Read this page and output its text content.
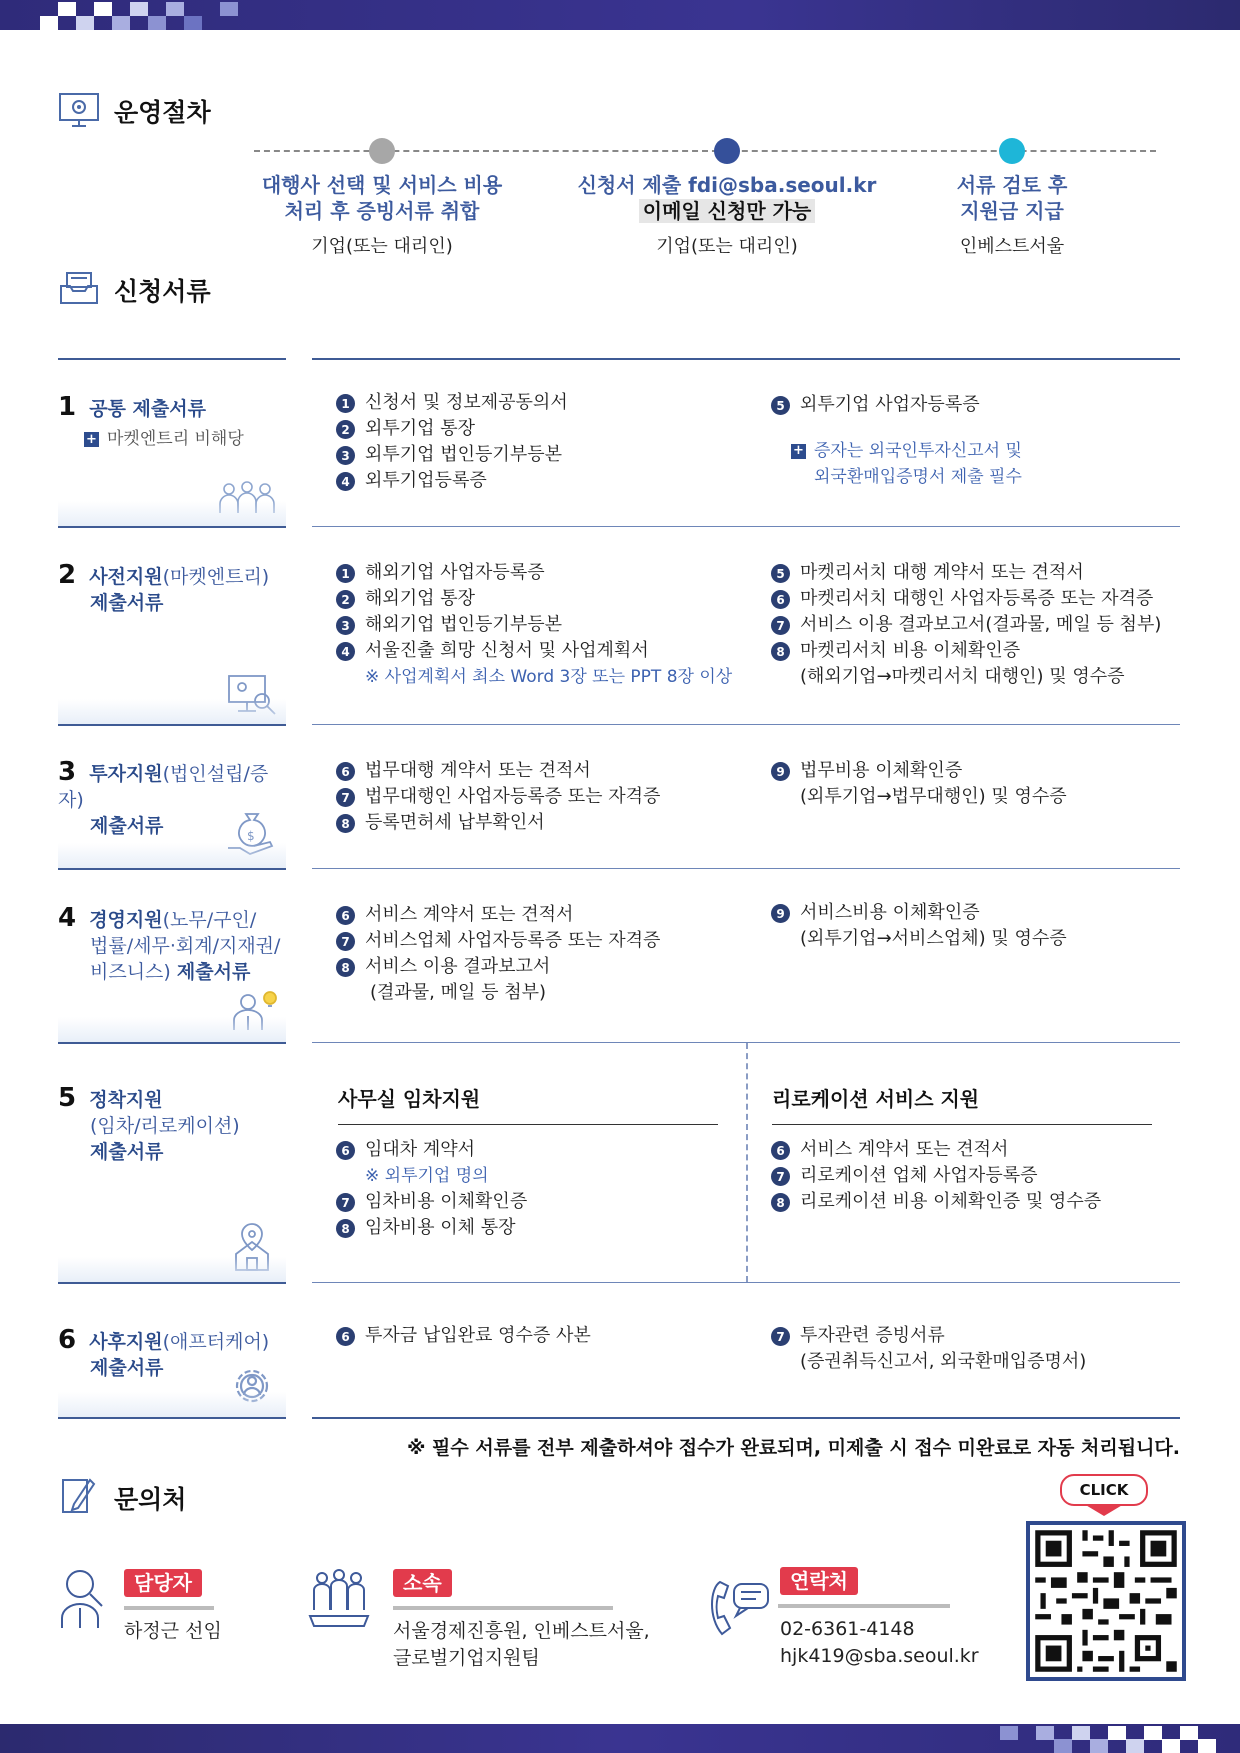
운영절차
대행사 선택 및 서비스 비용
처리 후 증빙서류 취합
기업(또는 대리인)
신청서 제출 fdi@sba.seoul.kr
이메일 신청만 가능
기업(또는 대리인)
서류 검토 후
지원금 지급
인베스트서울
신청서류
1 공통 제출서류
+ 마켓엔트리 비해당
1 신청서 및 정보제공동의서
2 외투기업 통장
3 외투기업 법인등기부등본
4 외투기업등록증
5 외투기업 사업자등록증
+ 증자는 외국인투자신고서 및
외국환매입증명서 제출 필수
2 사전지원(마켓엔트리)
제출서류
1 해외기업 사업자등록증
2 해외기업 통장
3 해외기업 법인등기부등본
4 서울진출 희망 신청서 및 사업계획서
※ 사업계획서 최소 Word 3장 또는 PPT 8장 이상
5 마켓리서치 대행 계약서 또는 견적서
6 마켓리서치 대행인 사업자등록증 또는 자격증
7 서비스 이용 결과보고서(결과물, 메일 등 첨부)
8 마켓리서치 비용 이체확인증
(해외기업→마켓리서치 대행인) 및 영수증
3 투자지원(법인설립/증자)
제출서류	$
6 법무대행 계약서 또는 견적서
7 법무대행인 사업자등록증 또는 자격증
8 등록면허세 납부확인서
9 법무비용 이체확인증
(외투기업→법무대행인) 및 영수증
4 경영지원(노무/구인/
법률/세무·회계/지재권/
비즈니스) 제출서류
6 서비스 계약서 또는 견적서
7 서비스업체 사업자등록증 또는 자격증
8 서비스 이용 결과보고서
(결과물, 메일 등 첨부)
9 서비스비용 이체확인증
(외투기업→서비스업체) 및 영수증
5 정착지원
(임차/리로케이션)
제출서류
사무실 임차지원
6 임대차 계약서
※ 외투기업 명의
7 임차비용 이체확인증
8 임차비용 이체 통장
리로케이션 서비스 지원
6 서비스 계약서 또는 견적서
7 리로케이션 업체 사업자등록증
8 리로케이션 비용 이체확인증 및 영수증
6 사후지원(애프터케어)
제출서류
6 투자금 납입완료 영수증 사본	7 투자관련 증빙서류
(증권취득신고서, 외국환매입증명서)
※ 필수 서류를 전부 제출하셔야 접수가 완료되며, 미제출 시 접수 미완료로 자동 처리됩니다.
문의처
담당자
하정근 선임
소속
서울경제진흥원, 인베스트서울,
글로벌기업지원팀
연락처
02-6361-4148
hjk419@sba.seoul.kr
CLICK
